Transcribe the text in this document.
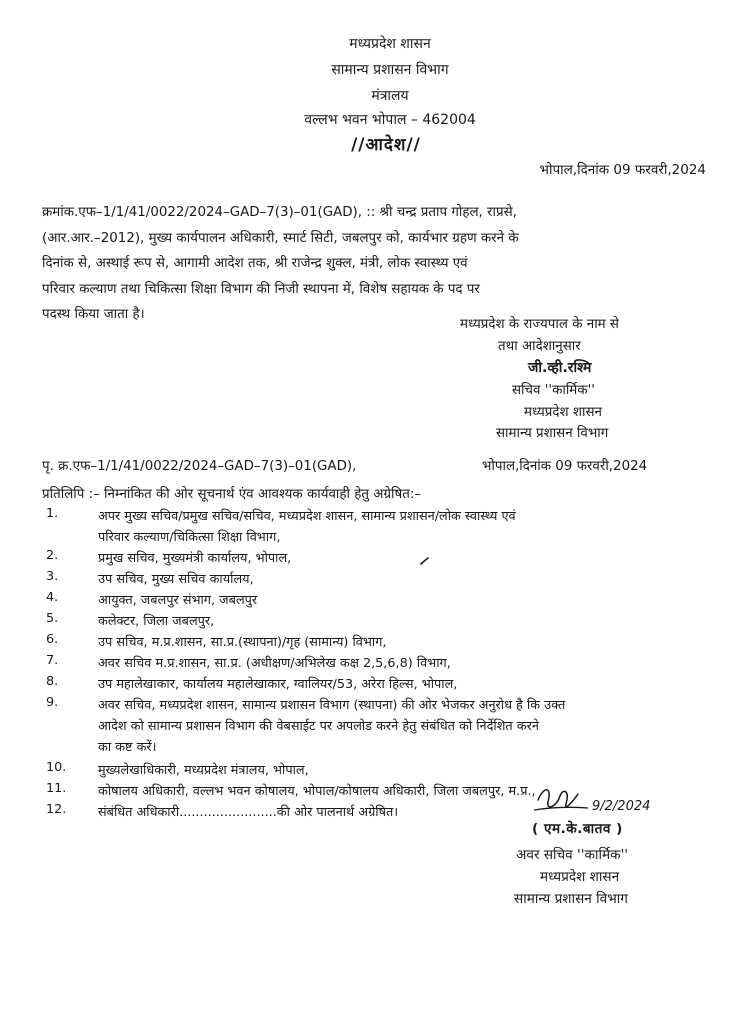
मध्यप्रदेश शासन
सामान्य प्रशासन विभाग
मंत्रालय
वल्लभ भवन भोपाल – 462004
//आदेश//
भोपाल,दिनांक 09 फरवरी,2024
क्रमांक.एफ–1/1/41/0022/2024–GAD–7(3)–01(GAD), :: श्री चन्द्र प्रताप गोहल, राप्रसे,
(आर.आर.–2012), मुख्य कार्यपालन अधिकारी, स्मार्ट सिटी, जबलपुर को, कार्यभार ग्रहण करने के
दिनांक से, अस्थाई रूप से, आगामी आदेश तक, श्री राजेन्द्र शुक्ल, मंत्री, लोक स्वास्थ्य एवं
परिवार कल्याण तथा चिकित्सा शिक्षा विभाग की निजी स्थापना में, विशेष सहायक के पद पर
पदस्थ किया जाता है।
मध्यप्रदेश के राज्यपाल के नाम से
तथा आदेशानुसार
जी.व्ही.रश्मि
सचिव ''कार्मिक''
मध्यप्रदेश शासन
सामान्य प्रशासन विभाग
पृ. क्र.एफ–1/1/41/0022/2024–GAD–7(3)–01(GAD),	भोपाल,दिनांक 09 फरवरी,2024
प्रतिलिपि :– निम्नांकित की ओर सूचनार्थ एंव आवश्यक कार्यवाही हेतु अग्रेषित:–
1.	अपर मुख्य सचिव/प्रमुख सचिव/सचिव, मध्यप्रदेश शासन, सामान्य प्रशासन/लोक स्वास्थ्य एवं
परिवार कल्याण/चिकित्सा शिक्षा विभाग,
2.	प्रमुख सचिव, मुख्यमंत्री कार्यालय, भोपाल,
3.	उप सचिव, मुख्य सचिव कार्यालय,
4.	आयुक्त, जबलपुर संभाग, जबलपुर
5.	कलेक्टर, जिला जबलपुर,
6.	उप सचिव, म.प्र.शासन, सा.प्र.(स्थापना)/गृह (सामान्य) विभाग,
7.	अवर सचिव म.प्र.शासन, सा.प्र. (अधीक्षण/अभिलेख कक्ष 2,5,6,8) विभाग,
8.	उप महालेखाकार, कार्यालय महालेखाकार, ग्वालियर/53, अरेरा हिल्स, भोपाल,
9.	अवर सचिव, मध्यप्रदेश शासन, सामान्य प्रशासन विभाग (स्थापना) की ओर भेजकर अनुरोध है कि उक्त
आदेश को सामान्य प्रशासन विभाग की वेबसाईट पर अपलोड करने हेतु संबंधित को निर्देशित करने
का कष्ट करें।
10.	मुख्यलेखाधिकारी, मध्यप्रदेश मंत्रालय, भोपाल,
11.	कोषालय अधिकारी, वल्लभ भवन कोषालय, भोपाल/कोषालय अधिकारी, जिला जबलपुर, म.प्र.,
12.	संबंधित अधिकारी........................की ओर पालनार्थ अग्रेषित।	9/2/2024
( एम.के.बातव )
अवर सचिव ''कार्मिक''
मध्यप्रदेश शासन
सामान्य प्रशासन विभाग
